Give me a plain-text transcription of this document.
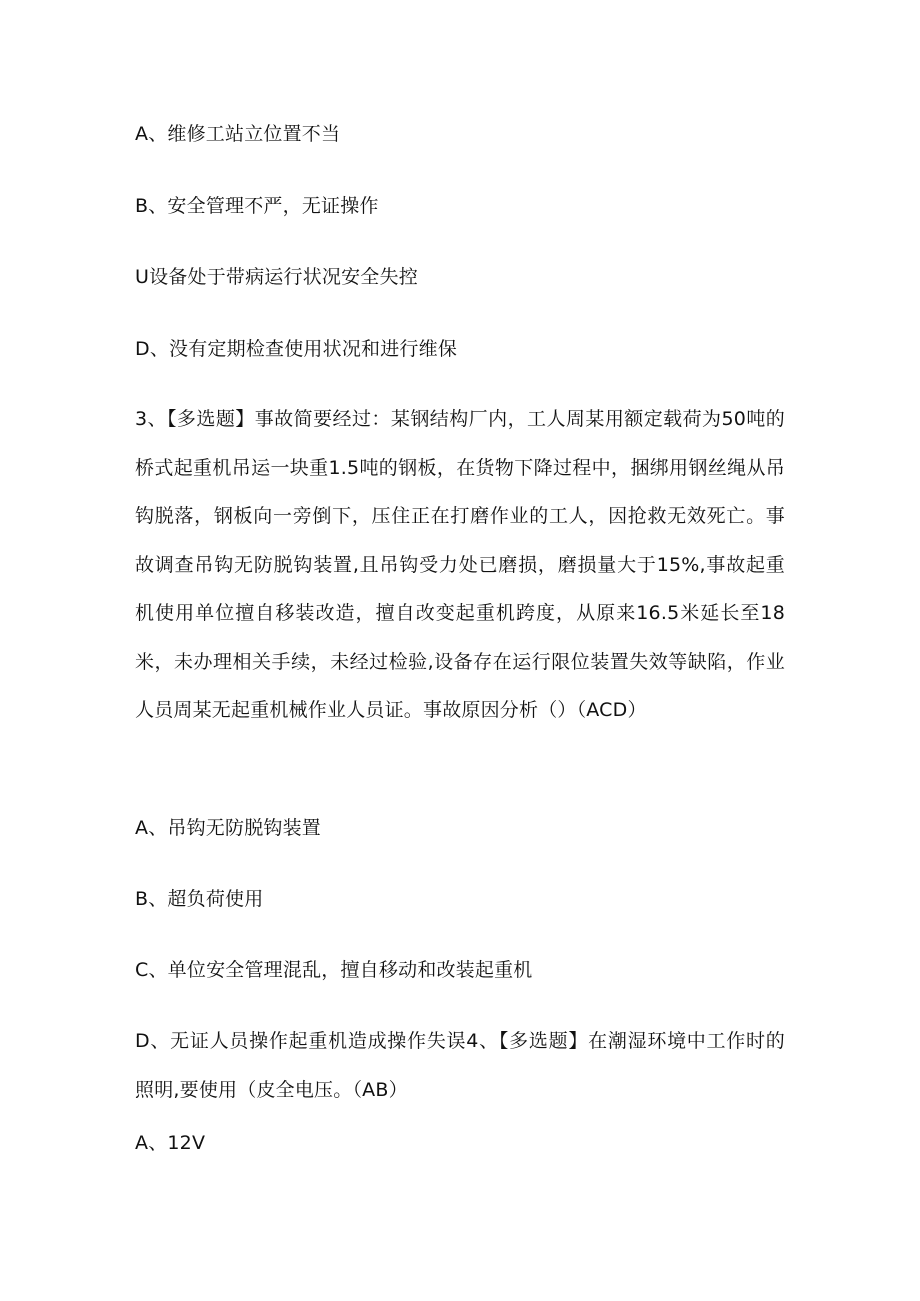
A、维修工站立位置不当
B、安全管理不严，无证操作
U设备处于带病运行状况安全失控
D、没有定期检查使用状况和进行维保
3、【多选题】事故简要经过：某钢结构厂内，工人周某用额定载荷为50吨的桥式起重机吊运一块重1.5吨的钢板，在货物下降过程中，捆绑用钢丝绳从吊钩脱落，钢板向一旁倒下，压住正在打磨作业的工人，因抢救无效死亡。事故调查吊钩无防脱钩装置,且吊钩受力处已磨损，磨损量大于15%,事故起重机使用单位擅自移装改造，擅自改变起重机跨度，从原来16.5米延长至18米，未办理相关手续，未经过检验,设备存在运行限位装置失效等缺陷，作业人员周某无起重机械作业人员证。事故原因分析（）（ACD）
A、吊钩无防脱钩装置
B、超负荷使用
C、单位安全管理混乱，擅自移动和改装起重机
D、无证人员操作起重机造成操作失误4、【多选题】在潮湿环境中工作时的照明,要使用（皮全电压。（AB）
A、12V
